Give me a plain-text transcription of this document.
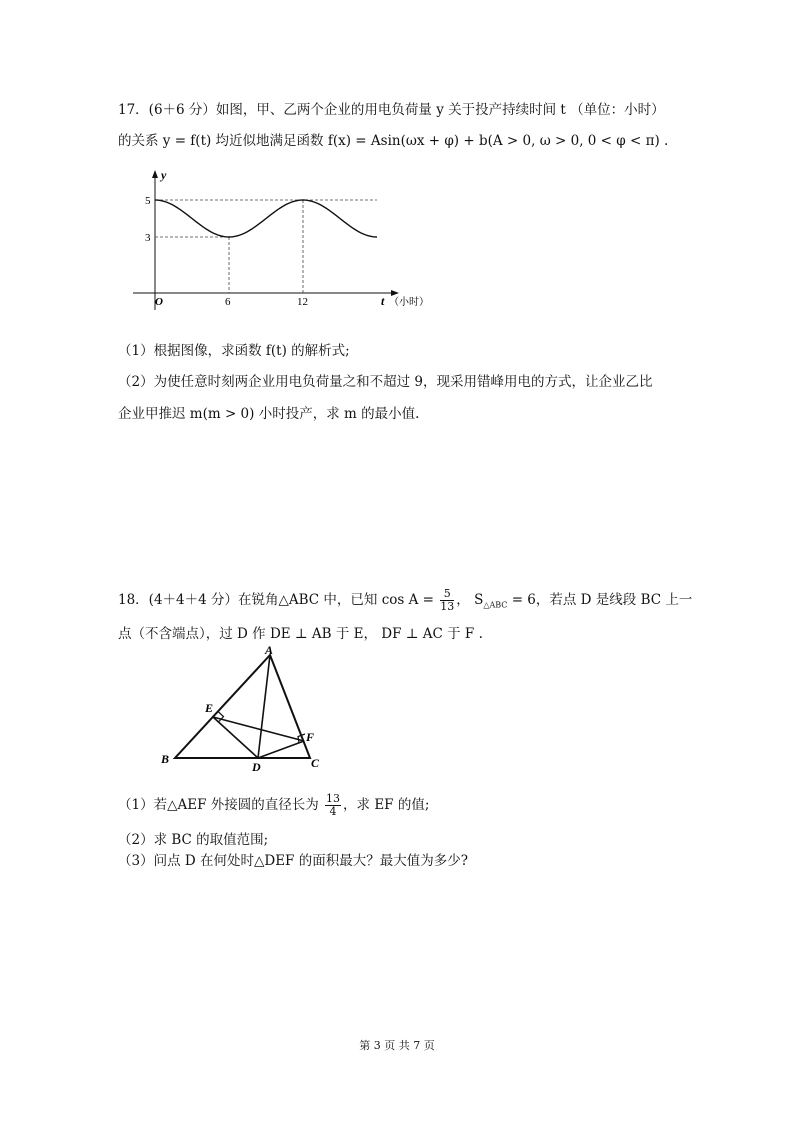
17．(6＋6 分）如图，甲、乙两个企业的用电负荷量 y 关于投产持续时间 t （单位：小时）
的关系 y = f(t) 均近似地满足函数 f(x) = Asin(ωx + φ) + b(A > 0, ω > 0, 0 < φ < π) .
y
5
3
O	6	12	t （小时）
（1）根据图像，求函数 f(t) 的解析式;
（2）为使任意时刻两企业用电负荷量之和不超过 9，现采用错峰用电的方式，让企业乙比
企业甲推迟 m(m > 0) 小时投产，求 m 的最小值.
18．(4＋4＋4 分）在锐角△ABC 中，已知 $\cos A = \frac{5}{13}$ ， $S_{\triangle ABC} = 6$，若点 D 是线段 BC 上一
点（不含端点），过 D 作 DE ⊥ AB 于 E， DF ⊥ AC 于 F .
A
B	C
D
E
F
（1）若△AEF 外接圆的直径长为 $\frac{13}{4}$ ，求 EF 的值;
（2）求 BC 的取值范围;
（3）问点 D 在何处时△DEF 的面积最大？最大值为多少?
第 3 页 共 7 页
